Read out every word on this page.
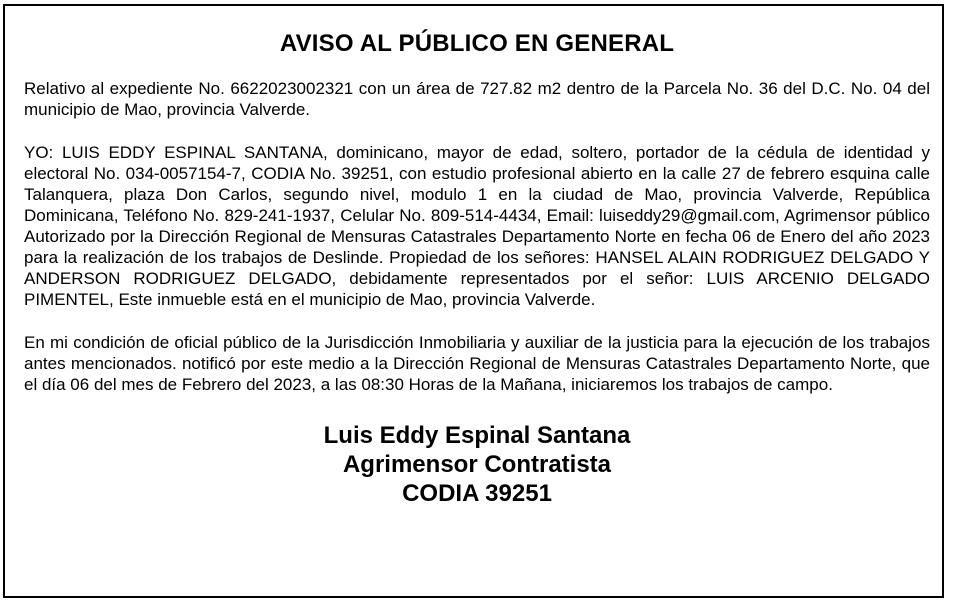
AVISO AL PÚBLICO EN GENERAL

Relativo al expediente No. 6622023002321 con un área de 727.82 m2 dentro de la Parcela No. 36 del D.C. No. 04 del municipio de Mao, provincia Valverde.

YO: LUIS EDDY ESPINAL SANTANA, dominicano, mayor de edad, soltero, portador de la cédula de identidad y electoral No. 034-0057154-7, CODIA No. 39251, con estudio profesional abierto en la calle 27 de febrero esquina calle Talanquera, plaza Don Carlos, segundo nivel, modulo 1 en la ciudad de Mao, provincia Valverde, República Dominicana, Teléfono No. 829-241-1937, Celular No. 809-514-4434, Email: luiseddy29@gmail.com, Agrimensor público Autorizado por la Dirección Regional de Mensuras Catastrales Departamento Norte en fecha 06 de Enero del año 2023 para la realización de los trabajos de Deslinde. Propiedad de los señores: HANSEL ALAIN RODRIGUEZ DELGADO Y ANDERSON RODRIGUEZ DELGADO, debidamente representados por el señor: LUIS ARCENIO DELGADO PIMENTEL, Este inmueble está en el municipio de Mao, provincia Valverde.

En mi condición de oficial público de la Jurisdicción Inmobiliaria y auxiliar de la justicia para la ejecución de los trabajos antes mencionados. notificó por este medio a la Dirección Regional de Mensuras Catastrales Departamento Norte, que el día 06 del mes de Febrero del 2023, a las 08:30 Horas de la Mañana, iniciaremos los trabajos de campo.

Luis Eddy Espinal Santana
Agrimensor Contratista
CODIA 39251
